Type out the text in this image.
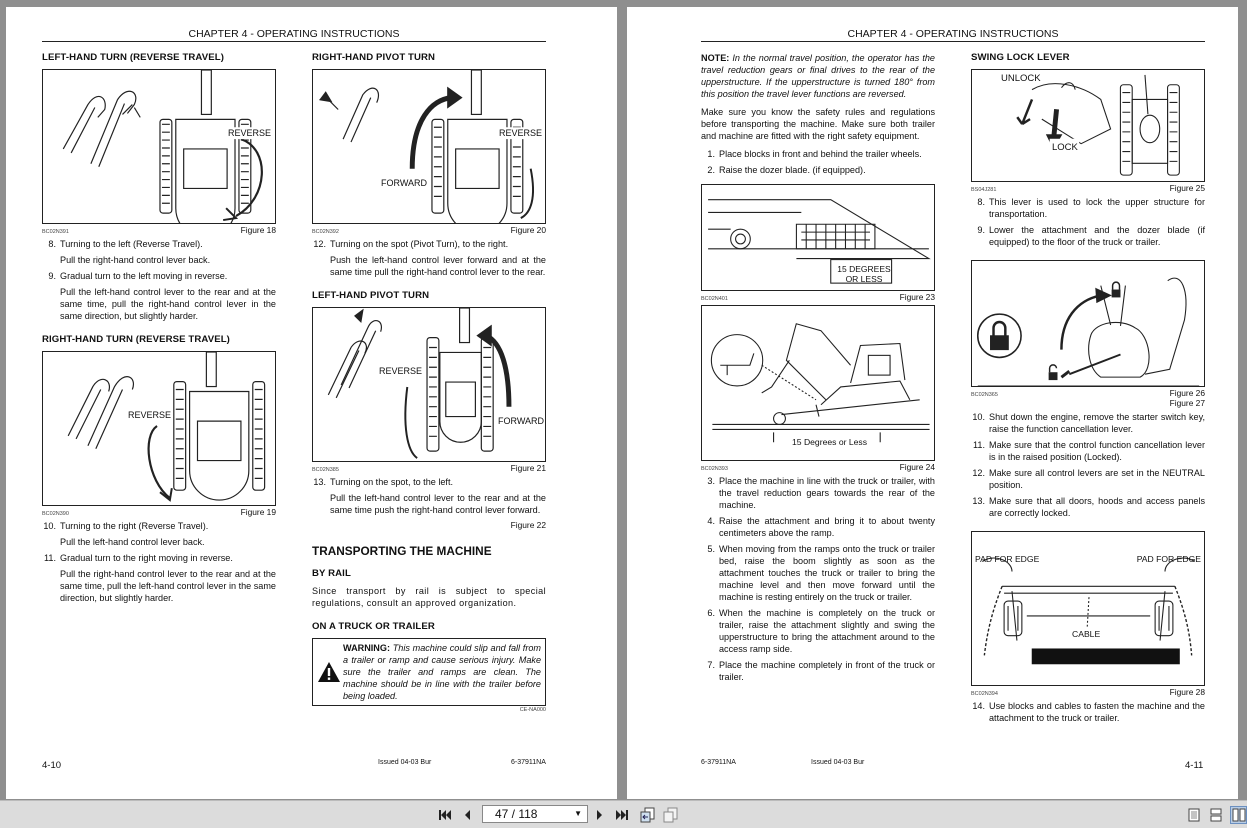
CHAPTER 4 - OPERATING INSTRUCTIONS
LEFT-HAND TURN (REVERSE TRAVEL)
REVERSE
BC02N391	Figure 18
8. Turning to the left (Reverse Travel).
Pull the right-hand control lever back.
9. Gradual turn to the left moving in reverse.
Pull the left-hand control lever to the rear and at the same time, pull the right-hand control lever in the same direction, but slightly harder.
RIGHT-HAND TURN (REVERSE TRAVEL)
REVERSE
BC02N390	Figure 19
10. Turning to the right (Reverse Travel).
Pull the left-hand control lever back.
11. Gradual turn to the right moving in reverse.
Pull the right-hand control lever to the rear and at the same time, pull the left-hand control lever in the same direction, but slightly harder.
RIGHT-HAND PIVOT TURN
REVERSE
FORWARD
BC02N392	Figure 20
12. Turning on the spot (Pivot Turn), to the right.
Push the left-hand control lever forward and at the same time pull the right-hand control lever to the rear.
LEFT-HAND PIVOT TURN
REVERSE
FORWARD
BC02N385	Figure 21
13. Turning on the spot, to the left.
Pull the left-hand control lever to the rear and at the same time push the right-hand control lever forward.
Figure 22
TRANSPORTING THE MACHINE
BY RAIL
Since transport by rail is subject to special regulations, consult an approved organization.
ON A TRUCK OR TRAILER
WARNING: This machine could slip and fall from a trailer or ramp and cause serious injury. Make sure the trailer and ramps are clean. The machine should be in line with the trailer before being loaded.
CE-NA000
4-10	Issued 04-03 Bur	6-37911NA
CHAPTER 4 - OPERATING INSTRUCTIONS
NOTE: In the normal travel position, the operator has the travel reduction gears or final drives to the rear of the upperstructure. If the upperstructure is turned 180° from this position the travel lever functions are reversed.
Make sure you know the safety rules and regulations before transporting the machine. Make sure both trailer and machine are fitted with the right safety equipment.
1. Place blocks in front and behind the trailer wheels.
2. Raise the dozer blade. (if equipped).
15 DEGREES
OR LESS
BC02N401	Figure 23
15 Degrees or Less
BC02N393	Figure 24
3. Place the machine in line with the truck or trailer, with the travel reduction gears towards the rear of the machine.
4. Raise the attachment and bring it to about twenty centimeters above the ramp.
5. When moving from the ramps onto the truck or trailer bed, raise the boom slightly as soon as the attachment touches the truck or trailer to bring the machine level and then move forward until the machine is resting entirely on the truck or trailer.
6. When the machine is completely on the truck or trailer, raise the attachment slightly and swing the upperstructure to bring the attachment around to the access ramp side.
7. Place the machine completely in front of the truck or trailer.
SWING LOCK LEVER
UNLOCK
LOCK
BS04J281	Figure 25
8. This lever is used to lock the upper structure for transportation.
9. Lower the attachment and the dozer blade (if equipped) to the floor of the truck or trailer.
BC02N365	Figure 26
Figure 27
10. Shut down the engine, remove the starter switch key, raise the function cancellation lever.
11. Make sure that the control function cancellation lever is in the raised position (Locked).
12. Make sure all control levers are set in the NEUTRAL position.
13. Make sure that all doors, hoods and access panels are correctly locked.
PAD FOR EDGE	PAD FOR EDGE
CABLE
BC02N394	Figure 28
14. Use blocks and cables to fasten the machine and the attachment to the truck or trailer.
6-37911NA	Issued 04-03 Bur	4-11
47 / 118	▼
